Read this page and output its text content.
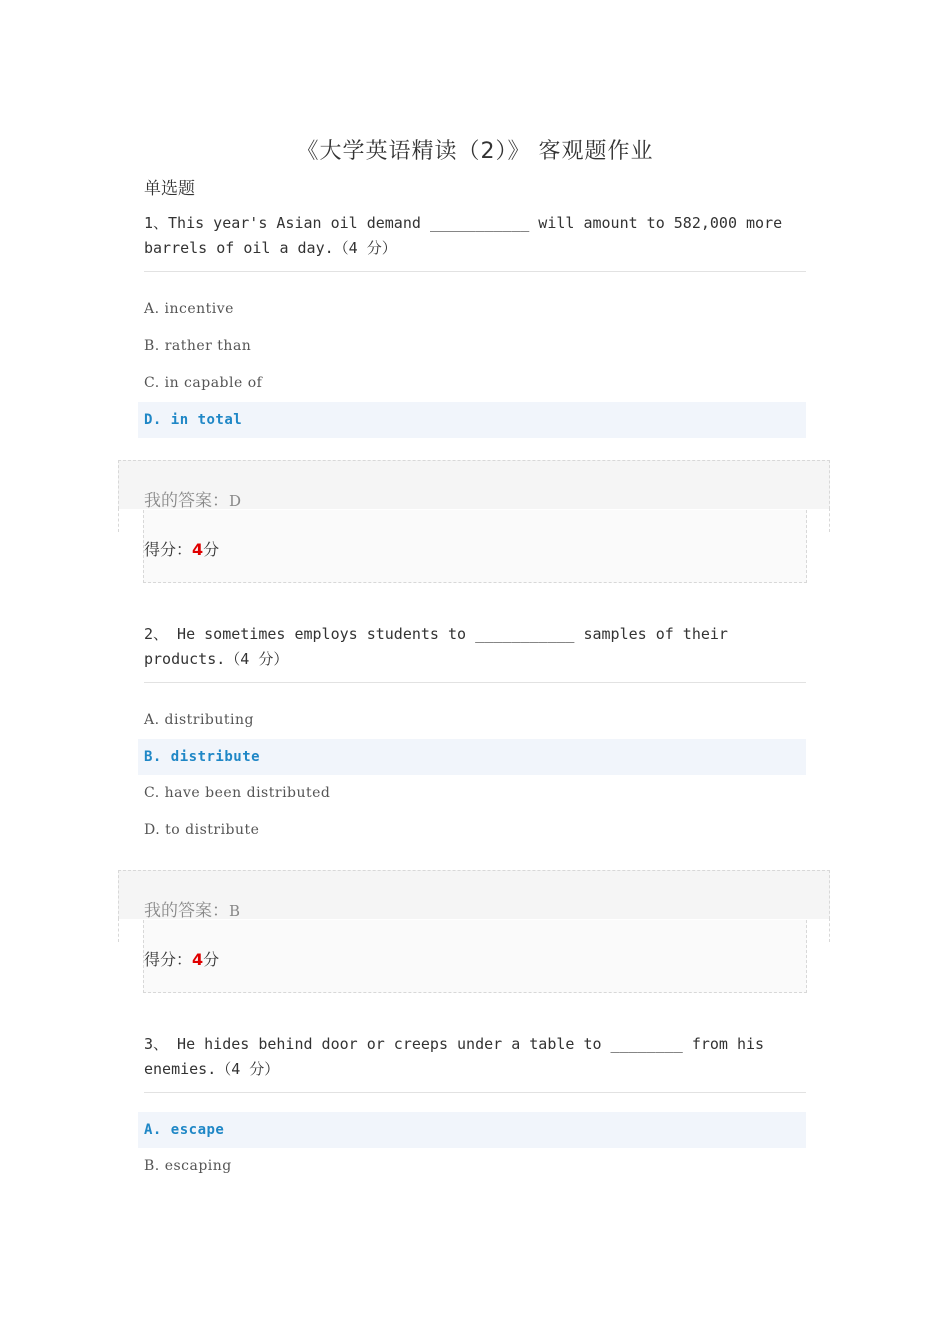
《大学英语精读（2）》 客观题作业
单选题

1、This year's Asian oil demand ___________ will amount to 582,000 more barrels of oil a day.（4 分）

A. incentive
B. rather than
C. in capable of
D. in total
我的答案：D
得分：4分

2、 He sometimes employs students to ___________ samples of their products.（4 分）

A. distributing
B. distribute
C. have been distributed
D. to distribute
我的答案：B
得分：4分

3、 He hides behind door or creeps under a table to ________ from his enemies.（4 分）

A. escape
B. escaping
